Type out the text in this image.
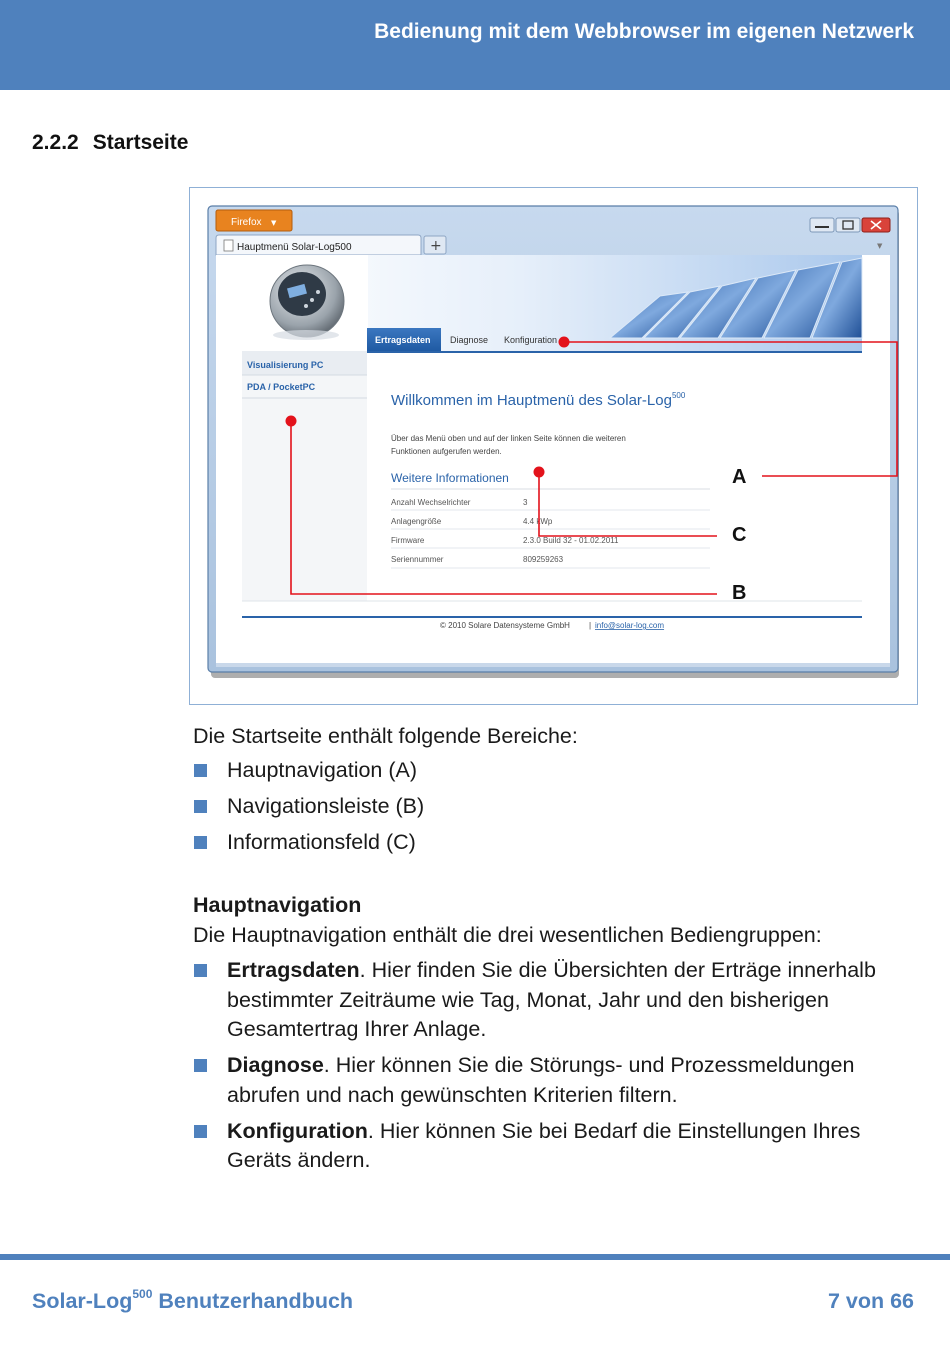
Bedienung mit dem Webbrowser im eigenen Netzwerk
2.2.2 Startseite
Firefox ▼
Hauptmenü Solar-Log500	+	▼
Ertragsdaten Diagnose Konfiguration
Visualisierung PC
PDA / PocketPC
Willkommen im Hauptmenü des Solar-Log$^{500}$
Über das Menü oben und auf der linken Seite können die weiteren
Funktionen aufgerufen werden.
Weitere Informationen
Anzahl Wechselrichter	3
Anlagengröße	4.4 kWp
Firmware	2.3.0 Build 32 - 01.02.2011
Seriennummer	809259263
© 2010 Solare Datensysteme GmbH | info@solar-log.com
A
C
B

Die Startseite enthält folgende Bereiche:

Hauptnavigation (A)
Navigationsleiste (B)
Informationsfeld (C)

Hauptnavigation

Die Hauptnavigation enthält die drei wesentlichen Bediengruppen:

Ertragsdaten. Hier finden Sie die Übersichten der Erträge innerhalb bestimmter Zeiträume wie Tag, Monat, Jahr und den bisherigen Gesamtertrag Ihrer Anlage.
Diagnose. Hier können Sie die Störungs- und Prozessmeldungen abrufen und nach gewünschten Kriterien filtern.
Konfiguration. Hier können Sie bei Bedarf die Einstellungen Ihres Geräts ändern.
Solar-Log$^{500}$ Benutzerhandbuch	7 von 66
